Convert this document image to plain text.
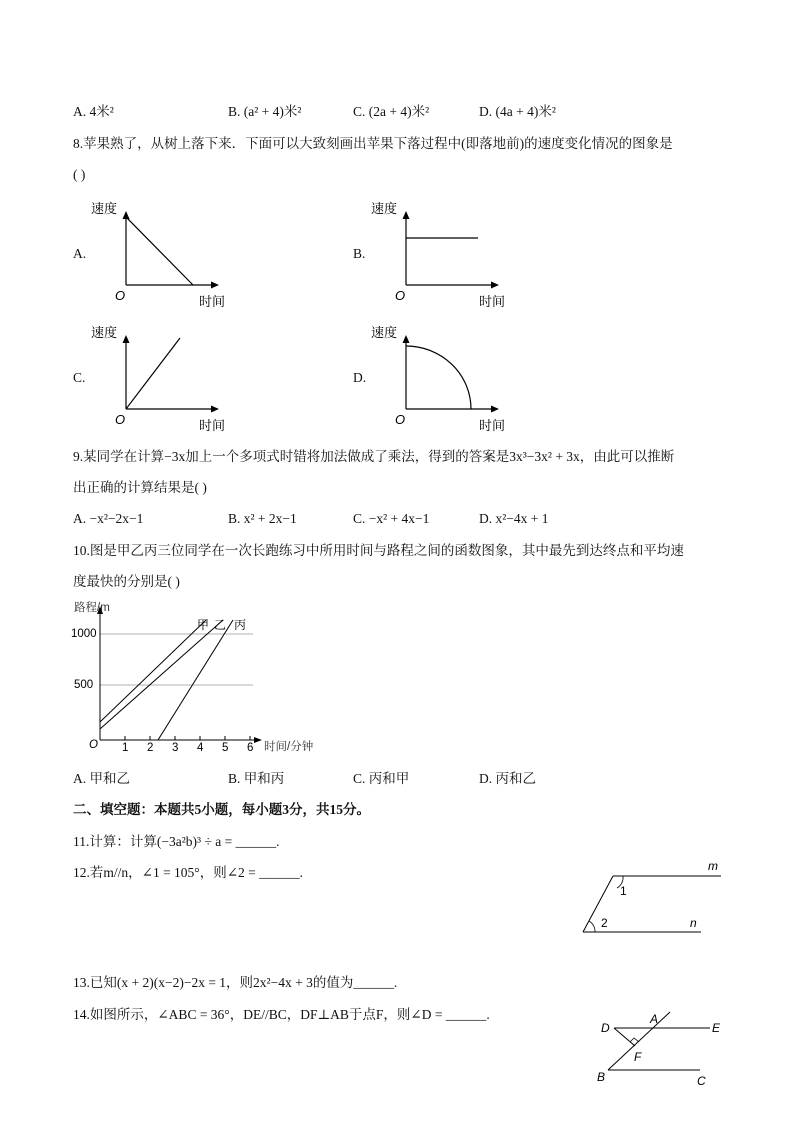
A. 4米²	B. (a² + 4)米²	C. (2a + 4)米²	D. (4a + 4)米²
8.苹果熟了，从树上落下来．下面可以大致刻画出苹果下落过程中(即落地前)的速度变化情况的图象是
( )
A.
速度
时间
O
B.
速度
时间
O
C.
速度
时间
O
D.
速度
时间
O
9.某同学在计算−3x加上一个多项式时错将加法做成了乘法，得到的答案是3x³−3x² + 3x，由此可以推断
出正确的计算结果是( )
A. −x²−2x−1	B. x² + 2x−1	C. −x² + 4x−1	D. x²−4x + 1
10.图是甲乙丙三位同学在一次长跑练习中所用时间与路程之间的函数图象，其中最先到达终点和平均速
度最快的分别是( )
路程/m
时间/分钟
O
500
1000
1 2 3 4 5 6
甲 乙 丙
A. 甲和乙	B. 甲和丙	C. 丙和甲	D. 丙和乙
二、填空题：本题共5小题，每小题3分，共15分。
11.计算：计算(−3a²b)³ ÷ a = ______.
12.若m//n，∠1 = 105°，则∠2 = ______.	m
n
1
2
13.已知(x + 2)(x−2)−2x = 1，则2x²−4x + 3的值为______.
14.如图所示，∠ABC = 36°，DE//BC，DF⊥AB于点F，则∠D = ______.	A
B	C
D	E
F
